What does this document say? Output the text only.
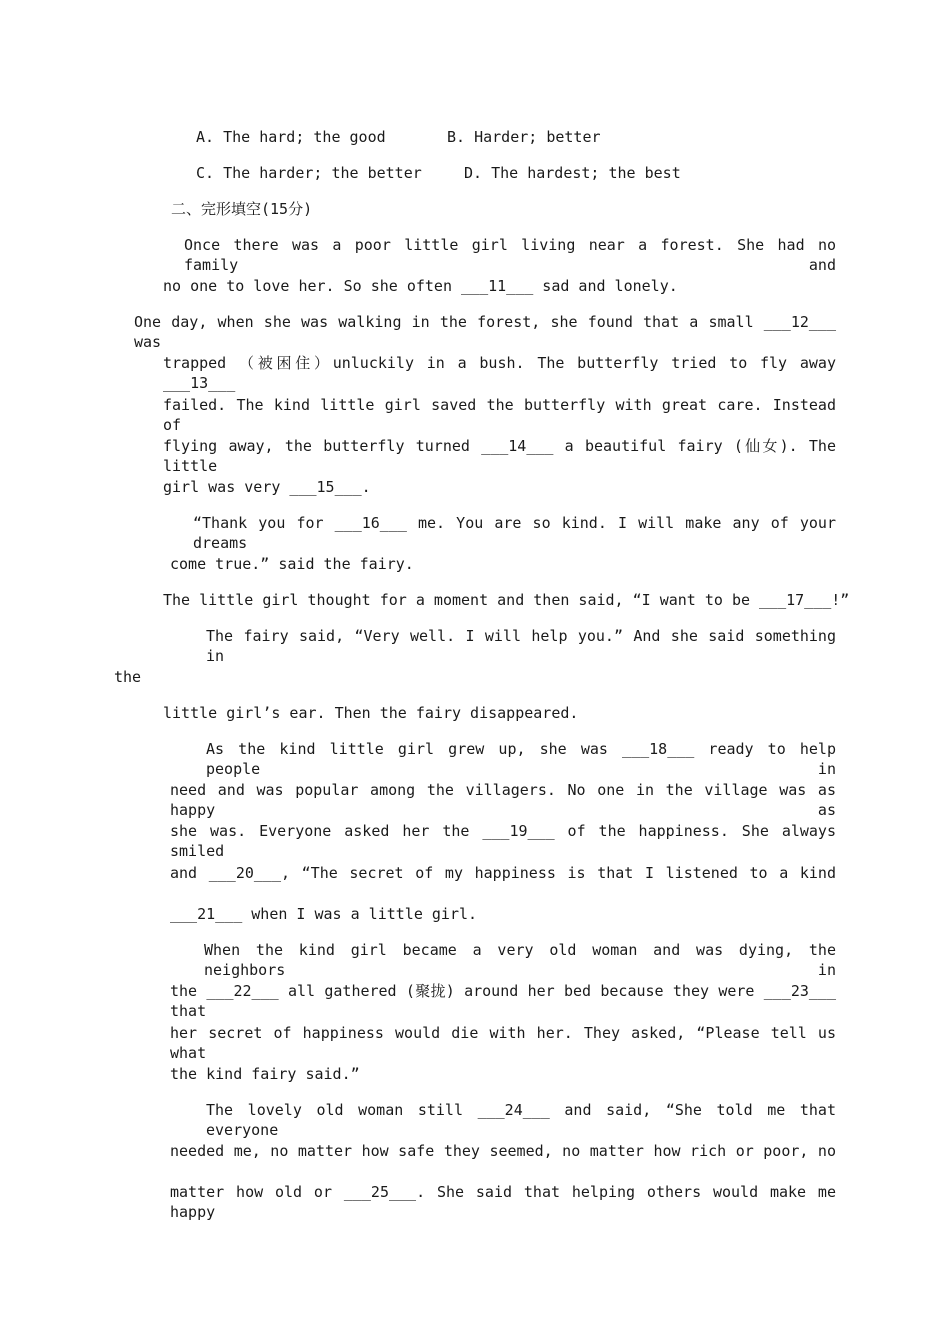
A. The hard; the good	B. Harder; better
C. The harder; the better	D. The hardest; the best
二、完形填空(15分)
Once there was a poor little girl living near a forest. She had no family and
no one to love her. So she often ___11___ sad and lonely.
One day, when she was walking in the forest, she found that a small ___12___ was
trapped （被困住）unluckily in a bush. The butterfly tried to fly away ___13___
failed. The kind little girl saved the butterfly with great care. Instead of
flying away, the butterfly turned ___14___ a beautiful fairy (仙女). The little
girl was very ___15___.
“Thank you for ___16___ me. You are so kind. I will make any of your dreams
come true.” said the fairy.
The little girl thought for a moment and then said, “I want to be ___17___!”
The fairy said, “Very well. I will help you.” And she said something in
the
little girl’s ear. Then the fairy disappeared.
As the kind little girl grew up, she was ___18___ ready to help people in
need and was popular among the villagers. No one in the village was as happy as
she was. Everyone asked her the ___19___ of the happiness. She always smiled
and ___20___, “The secret of my happiness is that I listened to a kind
___21___ when I was a little girl.
When the kind girl became a very old woman and was dying, the neighbors in
the ___22___ all gathered (聚拢) around her bed because they were ___23___ that
her secret of happiness would die with her. They asked, “Please tell us what
the kind fairy said.”
The lovely old woman still ___24___ and said, “She told me that everyone
needed me, no matter how safe they seemed, no matter how rich or poor, no
matter how old or ___25___. She said that helping others would make me happy
